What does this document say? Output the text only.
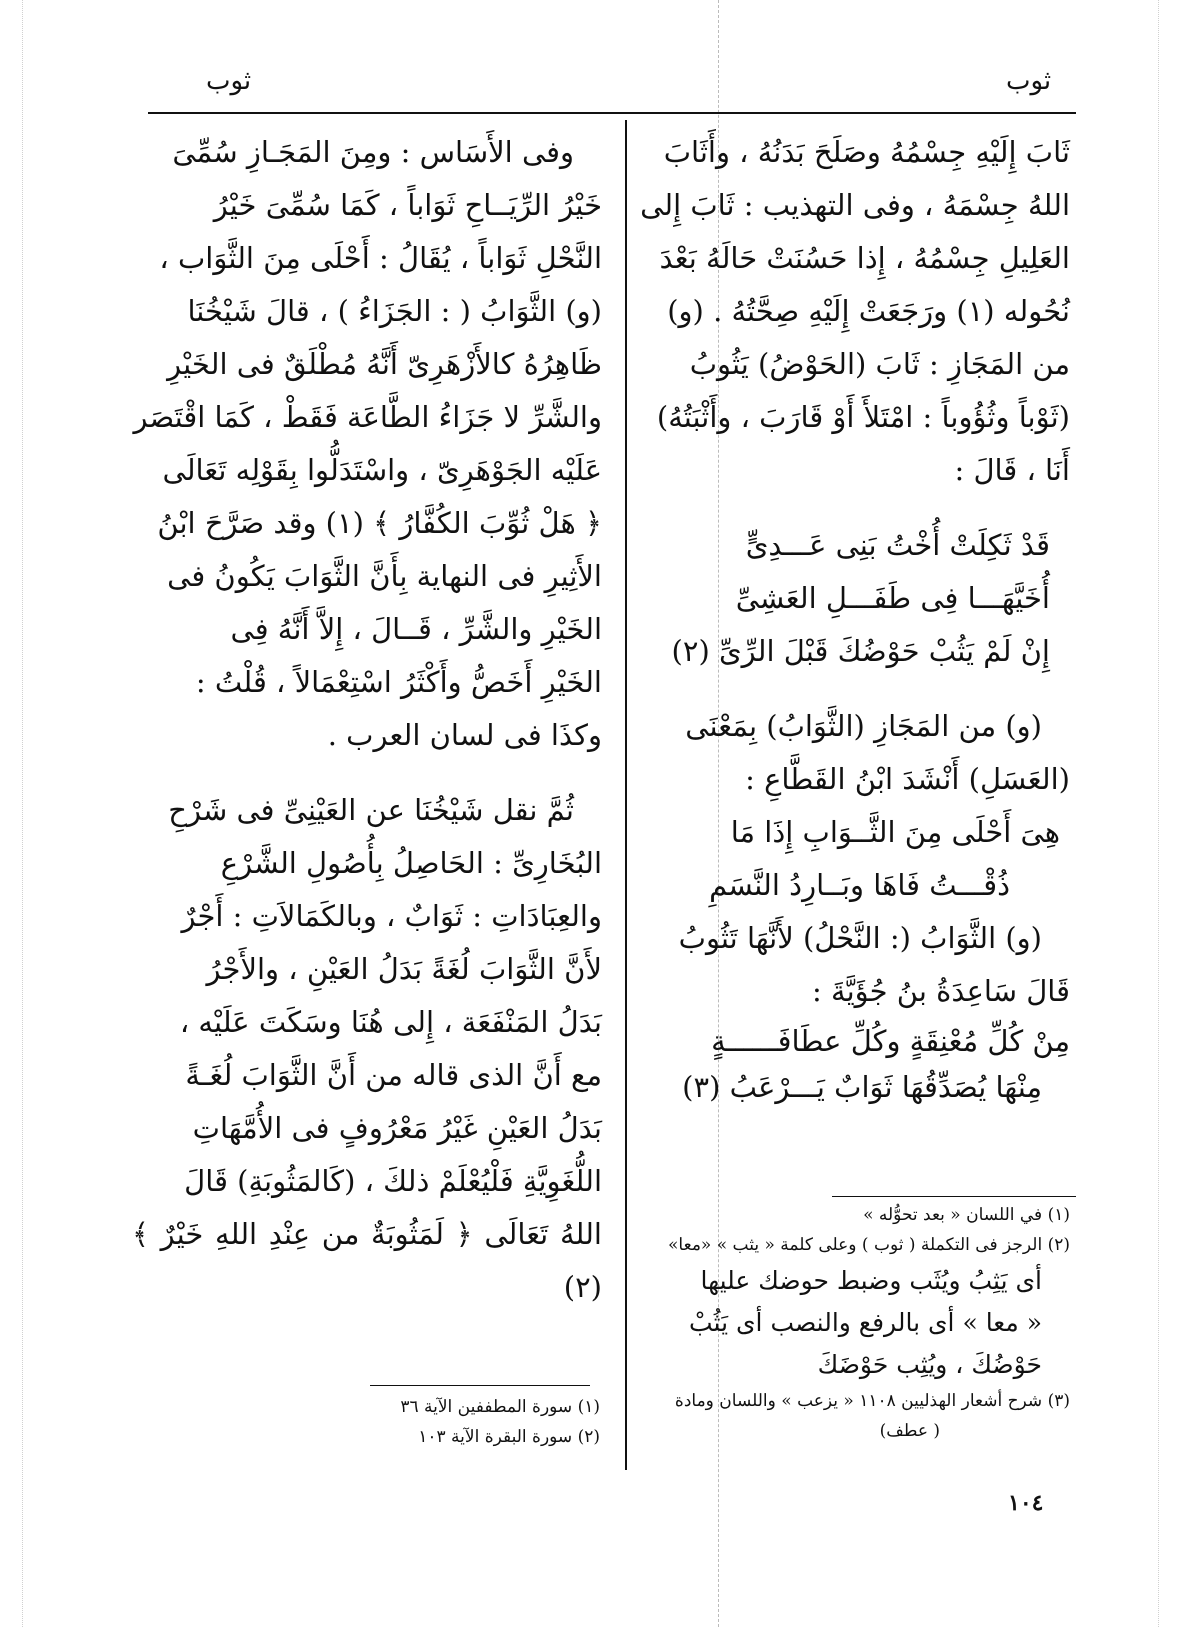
ثوب
ثوب

ثَابَ إِلَيْهِ جِسْمُهُ وصَلَحَ بَدَنُهُ ، وأَثَابَ

اللهُ جِسْمَهُ ، وفى التهذيب : ثَابَ إِلى

العَلِيلِ جِسْمُهُ ، إِذا حَسُنَتْ حَالَهُ بَعْدَ

نُحُوله (١) ورَجَعَتْ إِلَيْهِ صِحَّتُهُ . (و)

من المَجَازِ : ثَابَ (الحَوْضُ) يَثُوبُ

(ثَوْباً وثُؤُوباً : امْتَلأَ أَوْ قَارَبَ ، وأَثْبَتُهُ)

أَنَا ، قَالَ :

قَدْ ثَكِلَتْ أُخْتُ بَنِى عَـــدِىٍّ

أُخَيَّهَـــا فِى طَفَـــلِ العَشِىِّ

إِنْ لَمْ يَثُبْ حَوْضُكَ قَبْلَ الرِّىِّ (٢)

(و) من المَجَازِ (الثَّوَابُ) بِمَعْنَى

(العَسَلِ) أَنْشَدَ ابْنُ القَطَّاعِ :

هِىَ أَحْلَى مِنَ الثَّــوَابِ إِذَا مَا

ذُقْـــتُ فَاهَا وبَــارِدُ النَّسَمِ

(و) الثَّوَابُ (: النَّحْلُ) لأَنَّهَا تَثُوبُ

قَالَ سَاعِدَةُ بنُ جُؤَيَّةَ :

مِنْ كُلِّ مُعْنِقَةٍ وكُلِّ عطَافَــــــةٍ

مِنْهَا يُصَدِّقُهَا ثَوَابٌ يَـــرْعَبُ (٣)

(١) في اللسان « بعد تحوُّله »

(٢) الرجز فى التكملة ( ثوب ) وعلى كلمة « يثب » «معا»

أى يَثِبُ ويُثَب وضبط حوضك عليها

« معا » أى بالرفع والنصب أى يَثُبْ

حَوْضُكَ ، ويُثِب حَوْضَكَ

(٣) شرح أشعار الهذليين ١١٠٨ « يزعب » واللسان ومادة

( عطف)

وفى الأَسَاس : ومِنَ المَجَـازِ سُمِّىَ

خَيْرُ الرِّيَــاحِ ثَوَاباً ، كَمَا سُمِّىَ خَيْرُ

النَّحْلِ ثَوَاباً ، يُقَالُ : أَحْلَى مِنَ الثَّوَاب ،

(و) الثَّوَابُ ( : الجَزَاءُ ) ، قالَ شَيْخُنَا

ظَاهِرُهُ كالأَزْهَرِىّ أَنَّهُ مُطْلَقٌ فى الخَيْرِ

والشَّرِّ لا جَزَاءُ الطَّاعَة فَقَطْ ، كَمَا اقْتَصَر

عَلَيْه الجَوْهَرِىّ ، واسْتَدَلُّوا بِقَوْلِه تَعَالَى

﴿ هَلْ ثُوِّبَ الكُفَّارُ ﴾ (١) وقد صَرَّحَ ابْنُ

الأَثِيرِ فى النهاية بِأَنَّ الثَّوَابَ يَكُونُ فى

الخَيْرِ والشَّرِّ ، قَــالَ ، إِلاَّ أَنَّهُ فِى

الخَيْرِ أَخَصُّ وأَكْثَرُ اسْتِعْمَالاً ، قُلْتُ :

وكذَا فى لسان العرب .

ثُمَّ نقل شَيْخُنَا عن العَيْنِىِّ فى شَرْحِ

البُخَارِىِّ : الحَاصِلُ بِأُصُولِ الشَّرْعِ

والعِبَادَاتِ : ثَوَابٌ ، وبالكَمَالاَتِ : أَجْرٌ

لأَنَّ الثَّوَابَ لُغَةً بَدَلُ العَيْنِ ، والأَجْرُ

بَدَلُ المَنْفَعَة ، إِلى هُنَا وسَكَتَ عَلَيْه ،

مع أَنَّ الذى قاله من أَنَّ الثَّوَابَ لُغَـةً

بَدَلُ العَيْنِ غَيْرُ مَعْرُوفٍ فى الأُمَّهَاتِ

اللُّغَوِيَّةِ فَلْيُعْلَمْ ذلكَ ، (كَالمَثُوبَةِ) قَالَ

اللهُ تَعَالَى ﴿ لَمَثُوبَةٌ من عِنْدِ اللهِ خَيْرٌ ﴾ (٢)

(١) سورة المطففين الآية ٣٦

(٢) سورة البقرة الآية ١٠٣

١٠٤
